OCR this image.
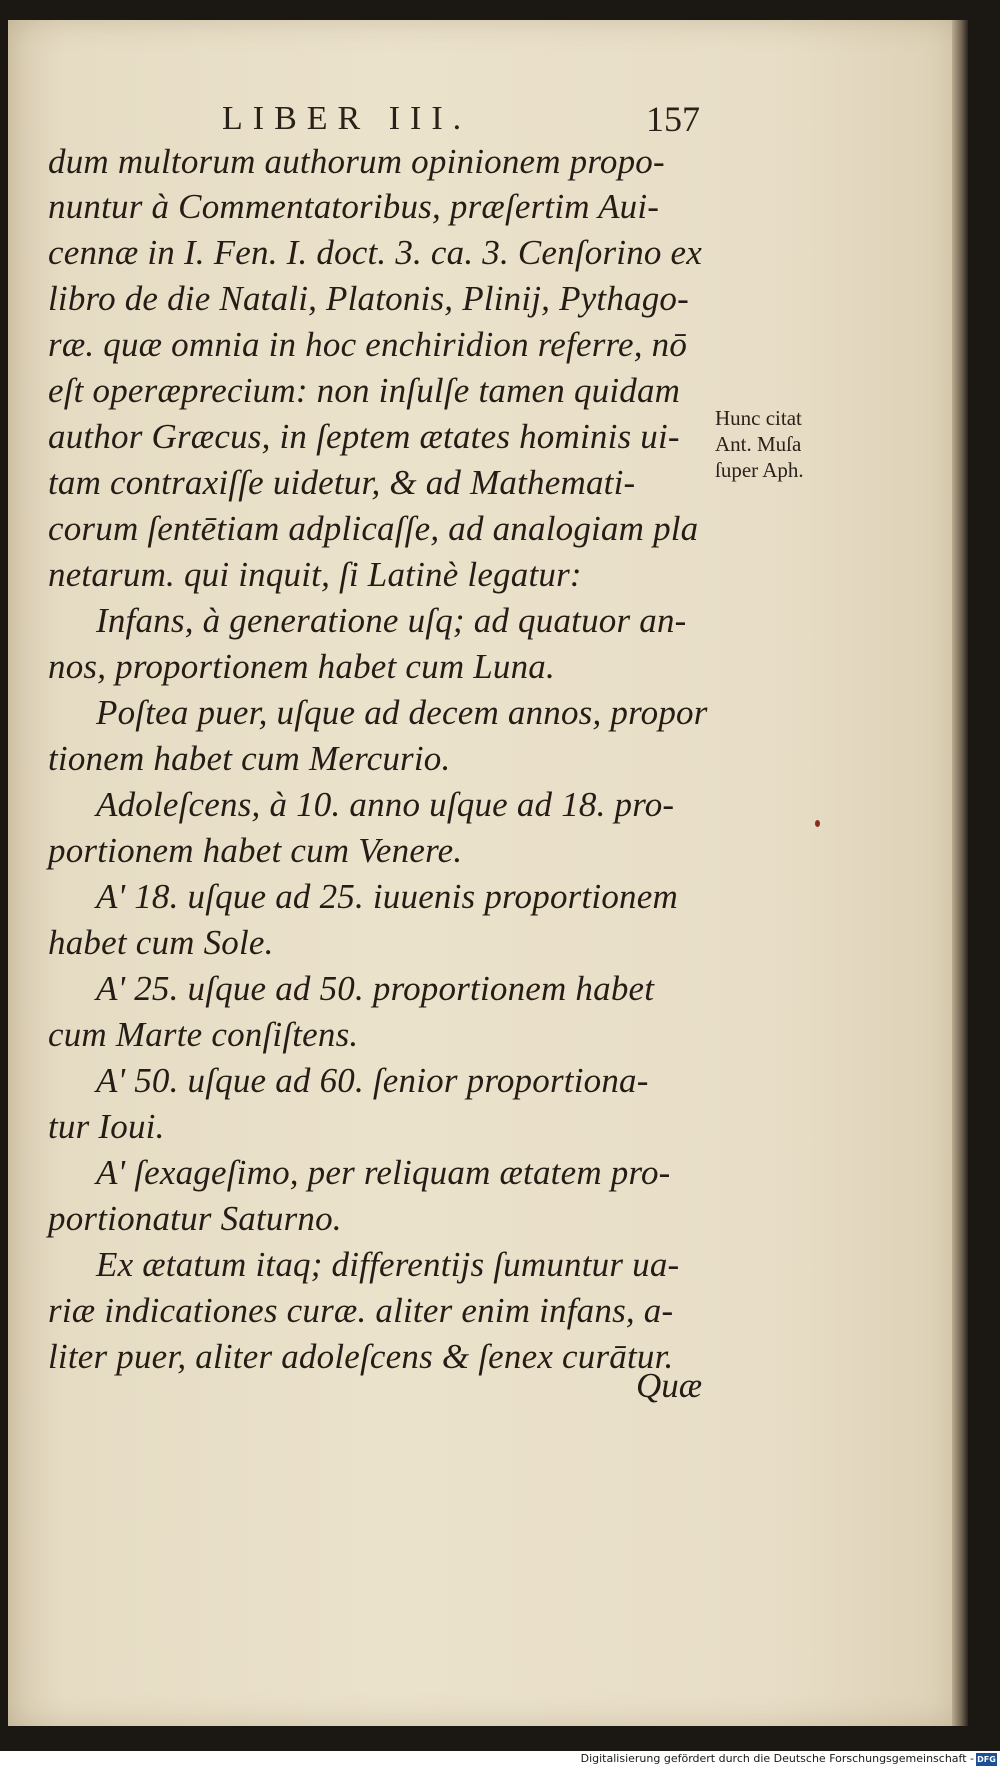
LIBER III.	157
dum multorum authorum opinionem propo-
nuntur à Commentatoribus, præſertim Aui-
cennæ in I. Fen. I. doct. 3. ca. 3. Cenſorino ex
libro de die Natali, Platonis, Plinij, Pythago-
ræ. quæ omnia in hoc enchiridion referre, nō
eſt operæprecium: non inſulſe tamen quidam
author Græcus, in ſeptem ætates hominis ui-
tam contraxiſſe uidetur, & ad Mathemati-
corum ſentētiam adplicaſſe, ad analogiam pla
netarum. qui inquit, ſi Latinè legatur:
Infans, à generatione uſq; ad quatuor an-
nos, proportionem habet cum Luna.
Poſtea puer, uſque ad decem annos, propor
tionem habet cum Mercurio.
Adoleſcens, à 10. anno uſque ad 18. pro-
portionem habet cum Venere.
A' 18. uſque ad 25. iuuenis proportionem
habet cum Sole.
A' 25. uſque ad 50. proportionem habet
cum Marte conſiſtens.
A' 50. uſque ad 60. ſenior proportiona-
tur Ioui.
A' ſexageſimo, per reliquam ætatem pro-
portionatur Saturno.
Ex ætatum itaq; differentijs ſumuntur ua-
riæ indicationes curæ. aliter enim infans, a-
liter puer, aliter adoleſcens & ſenex curātur.
Quæ
Hunc citat
Ant. Muſa
ſuper Aph.
Digitalisierung gefördert durch die Deutsche Forschungsgemeinschaft - DFG
